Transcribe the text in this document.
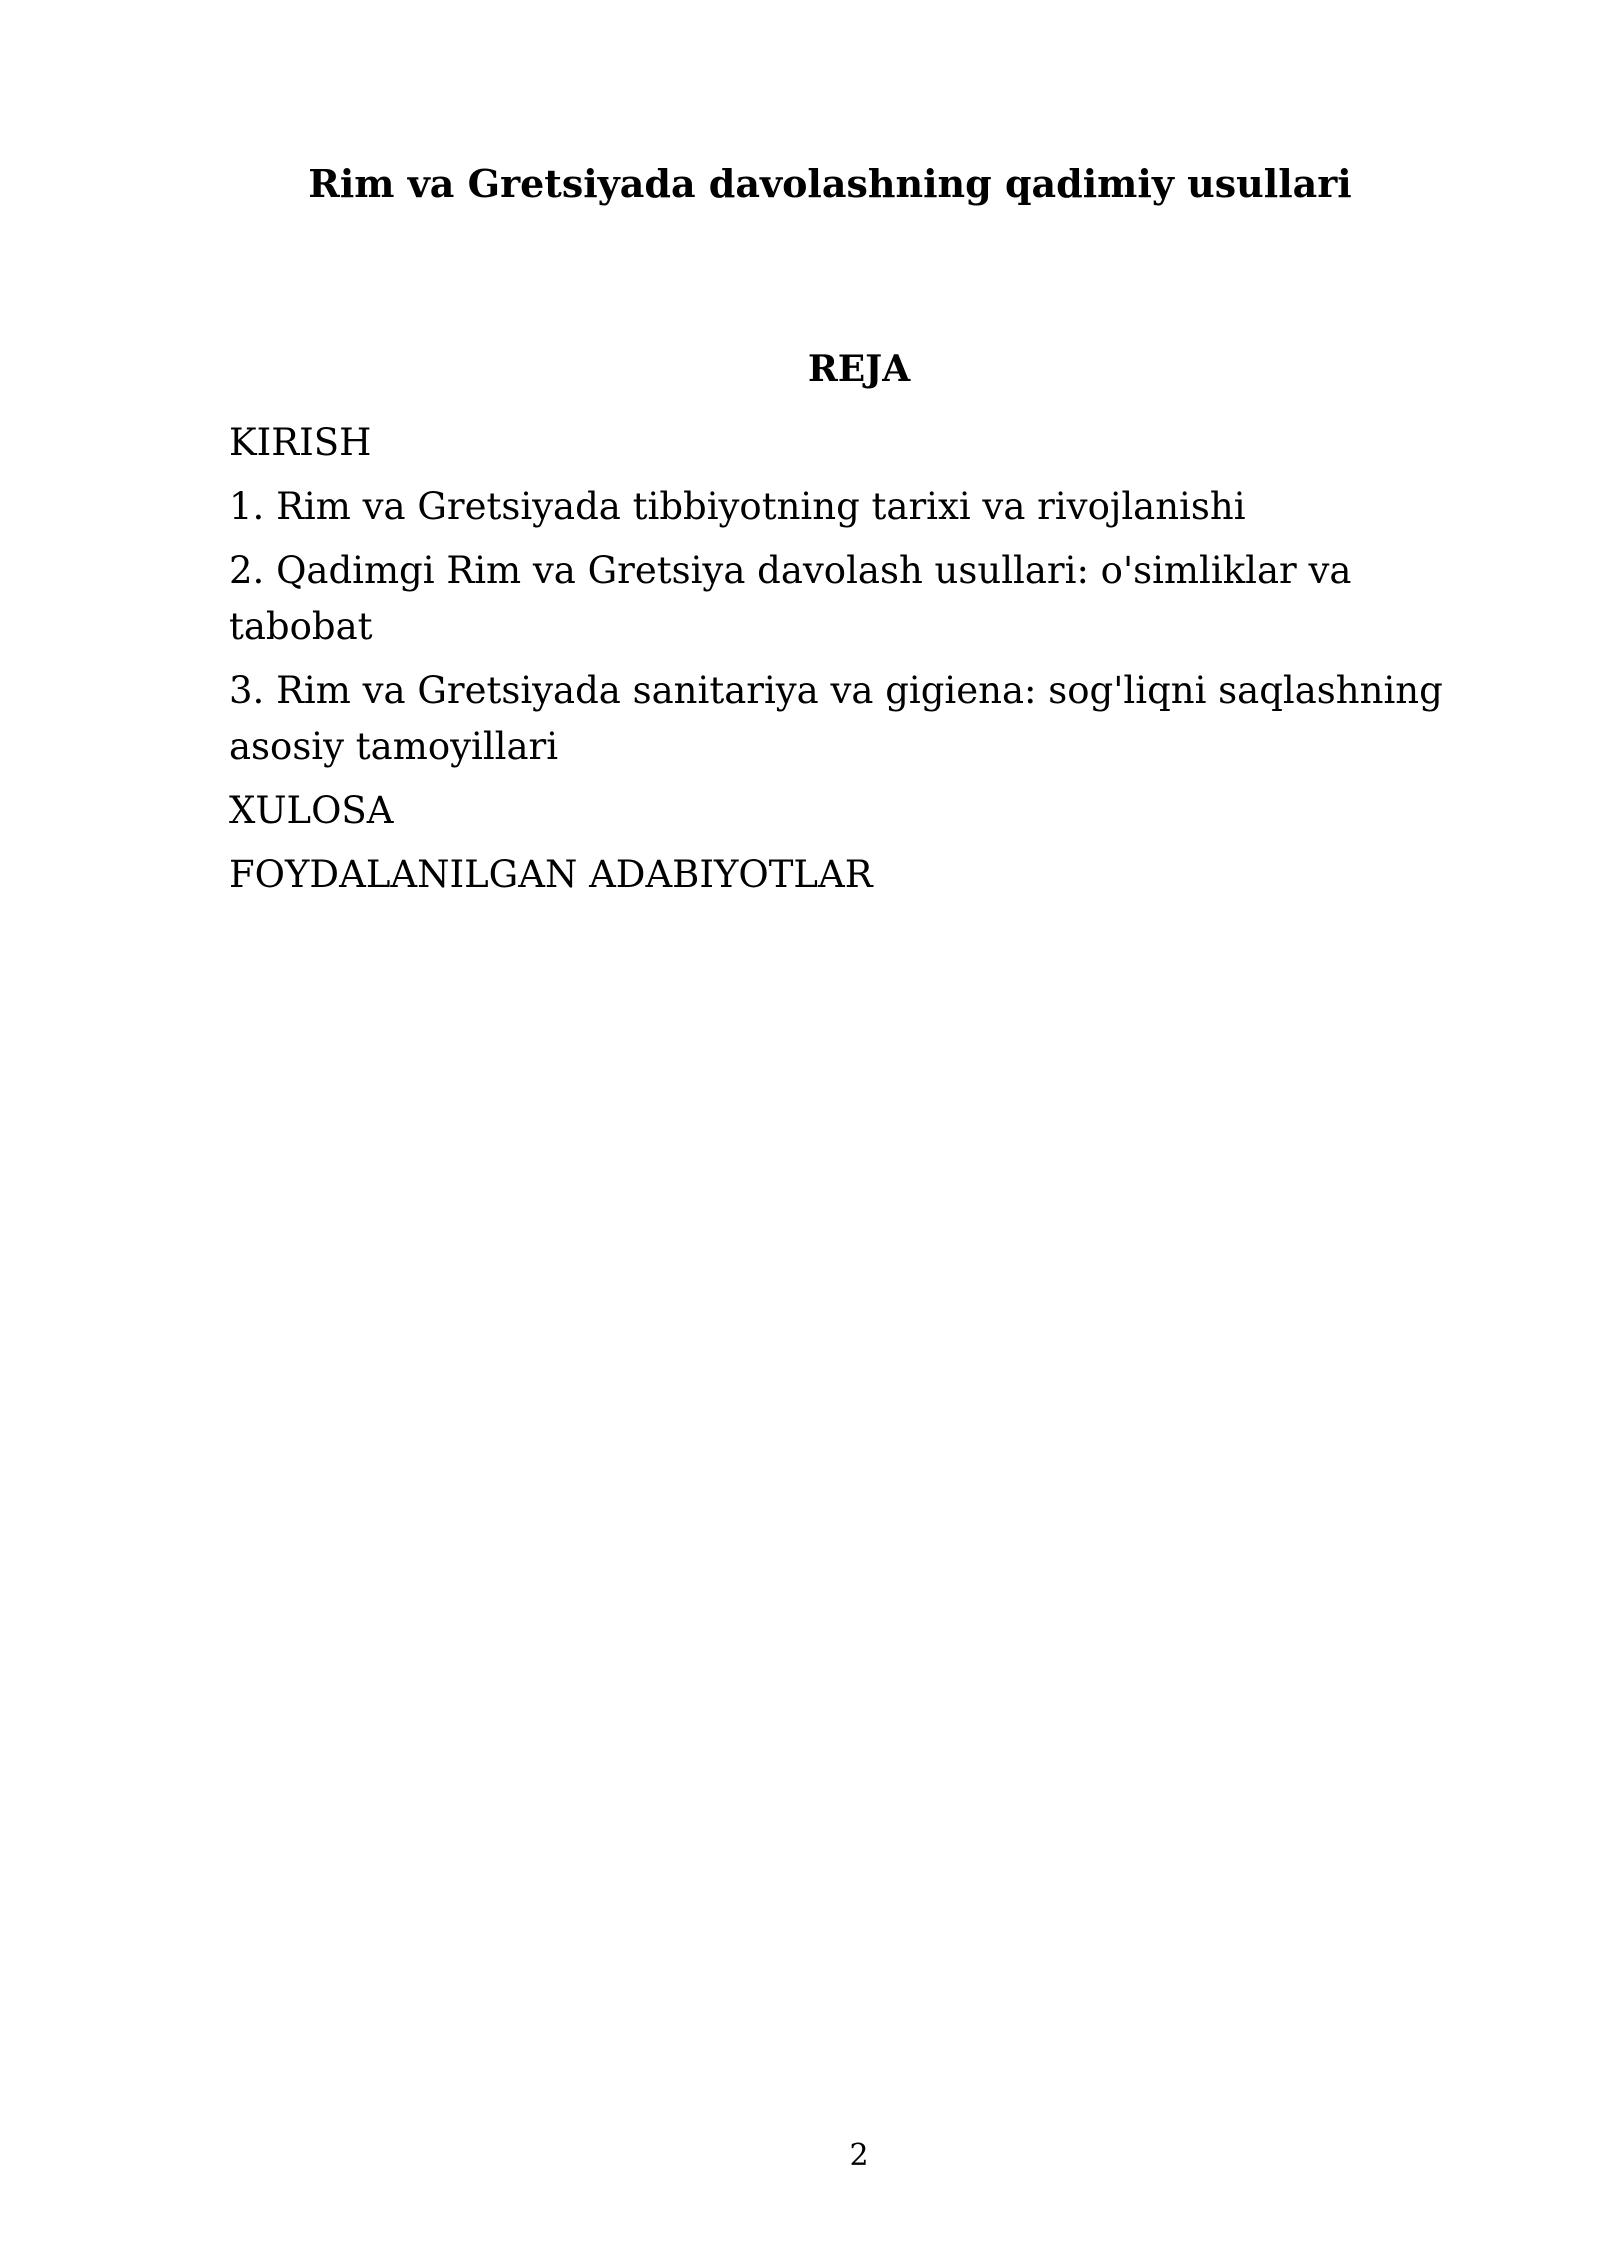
Rim va Gretsiyada davolashning qadimiy usullari
REJA
KIRISH
1. Rim va Gretsiyada tibbiyotning tarixi va rivojlanishi
2. Qadimgi Rim va Gretsiya davolash usullari: o'simliklar va tabobat
3. Rim va Gretsiyada sanitariya va gigiena: sog'liqni saqlashning asosiy tamoyillari
XULOSA
FOYDALANILGAN ADABIYOTLAR
2
